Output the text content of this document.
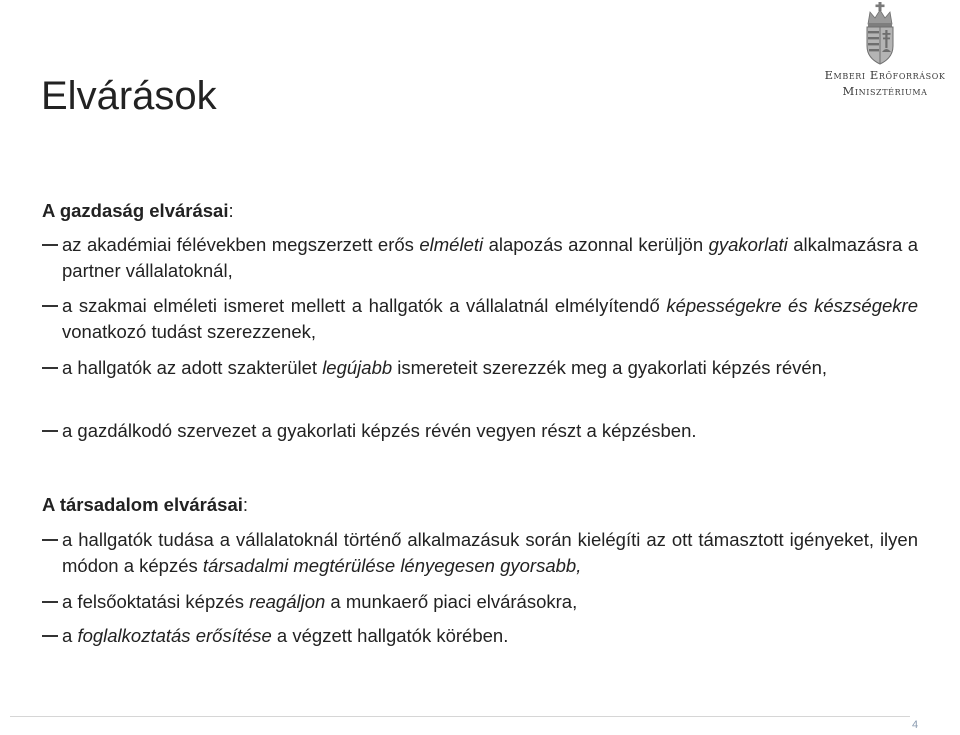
Emberi Erőforrások
Minisztériuma
Elvárások
A gazdaság elvárásai:
az akadémiai félévekben megszerzett erős elméleti alapozás azonnal kerüljön gyakorlati alkalmazásra a partner vállalatoknál,
a szakmai elméleti ismeret mellett a hallgatók a vállalatnál elmélyítendő képességekre és készségekre vonatkozó tudást szerezzenek,
a hallgatók az adott szakterület legújabb ismereteit szerezzék meg a gyakorlati képzés révén,
a gazdálkodó szervezet a gyakorlati képzés révén vegyen részt a képzésben.
A társadalom elvárásai:
a hallgatók tudása a vállalatoknál történő alkalmazásuk során kielégíti az ott támasztott igényeket, ilyen módon a képzés társadalmi megtérülése lényegesen gyorsabb,
a felsőoktatási képzés reagáljon a munkaerő piaci elvárásokra,
a foglalkoztatás erősítése a végzett hallgatók körében.
4
